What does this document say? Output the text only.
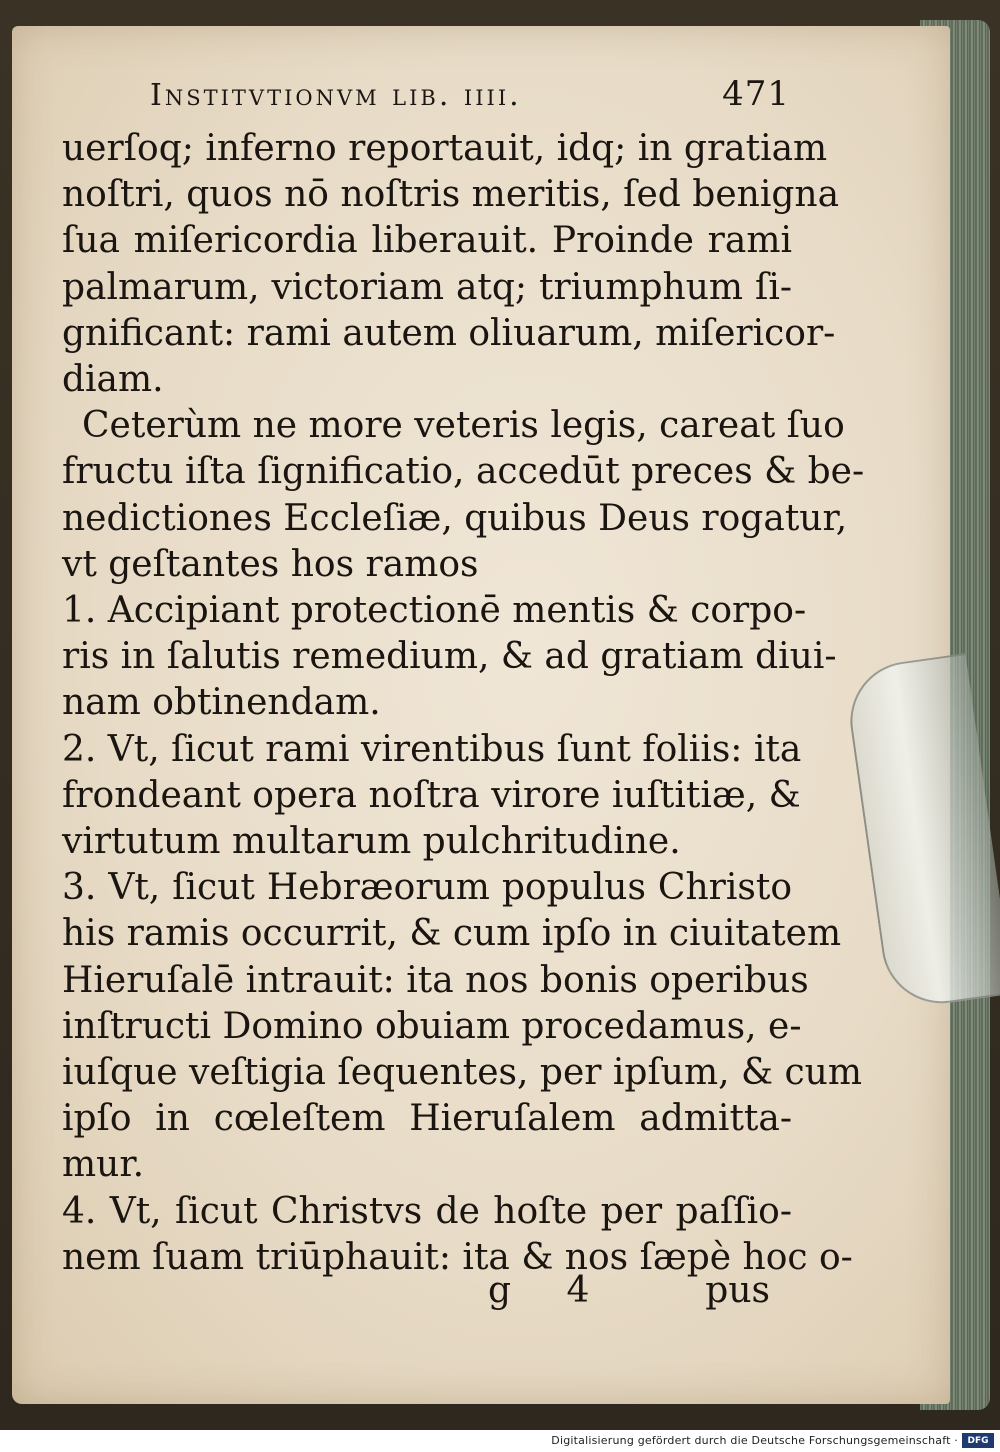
Institvtionvm lib. iiii.	471
uerſoq; inferno reportauit, idq; in gratiam
noſtri, quos nō noſtris meritis, ſed benigna
ſua miſericordia liberauit. Proinde rami
palmarum, victoriam atq; triumphum ſi-
gnificant: rami autem oliuarum, miſericor-
diam.
Ceterùm ne more veteris legis, careat ſuo
fructu iſta ſignificatio, accedūt preces & be-
nedictiones Eccleſiæ, quibus Deus rogatur,
vt geſtantes hos ramos
1. Accipiant protectionē mentis & corpo-
ris in ſalutis remedium, & ad gratiam diui-
nam obtinendam.
2. Vt, ſicut rami virentibus ſunt foliis: ita
frondeant opera noſtra virore iuſtitiæ, &
virtutum multarum pulchritudine.
3. Vt, ſicut Hebræorum populus Christo
his ramis occurrit, & cum ipſo in ciuitatem
Hieruſalē intrauit: ita nos bonis operibus
inſtructi Domino obuiam procedamus, e-
iuſque veſtigia ſequentes, per ipſum, & cum
ipſo in cœleſtem Hieruſalem admitta-
mur.
4. Vt, ſicut Christvs de hoſte per paſſio-
nem ſuam triūphauit: ita & nos ſæpè hoc o-
g 4	pus
Digitalisierung gefördert durch die Deutsche Forschungsgemeinschaft ·	DFG
